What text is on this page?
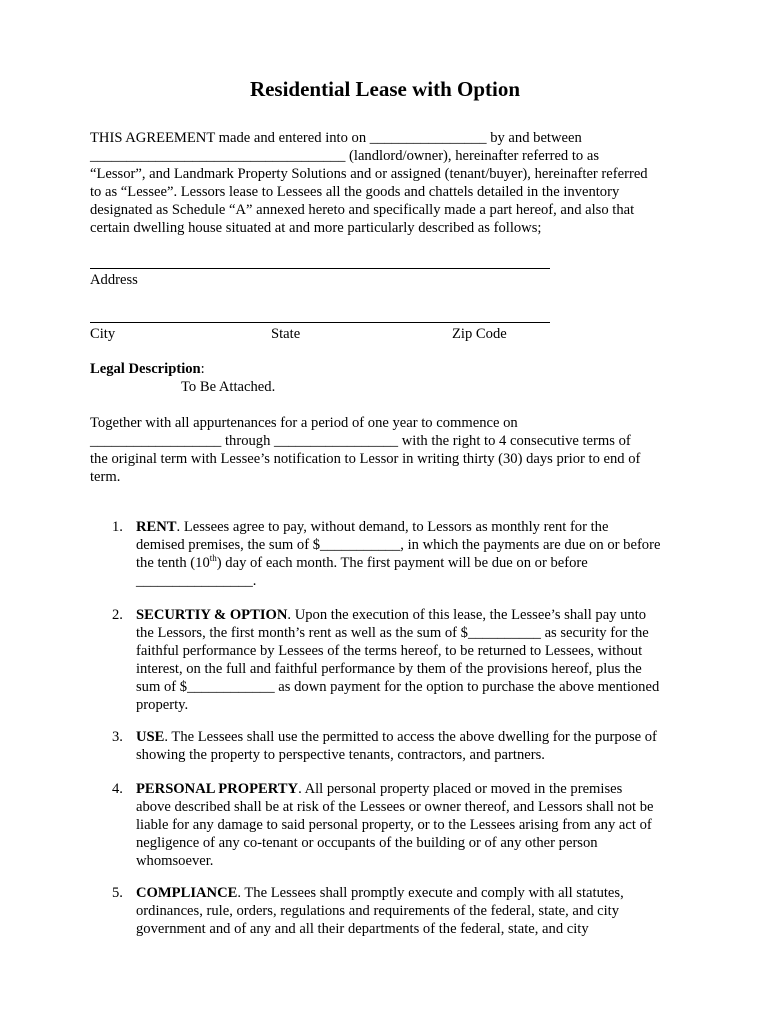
Residential Lease with Option

THIS AGREEMENT made and entered into on ________________ by and between

___________________________________ (landlord/owner), hereinafter referred to as

“Lessor”, and Landmark Property Solutions and or assigned (tenant/buyer), hereinafter referred

to as “Lessee”. Lessors lease to Lessees all the goods and chattels detailed in the inventory

designated as Schedule “A” annexed hereto and specifically made a part hereof, and also that

certain dwelling house situated at and more particularly described as follows;

Address
City	State	Zip Code

Legal Description:

To Be Attached.

Together with all appurtenances for a period of one year to commence on

__________________ through _________________ with the right to 4 consecutive terms of

the original term with Lessee’s notification to Lessor in writing thirty (30) days prior to end of

term.

1. RENT. Lessees agree to pay, without demand, to Lessors as monthly rent for the
demised premises, the sum of $___________, in which the payments are due on or before
the tenth (10th) day of each month. The first payment will be due on or before
________________.
2. SECURTIY & OPTION. Upon the execution of this lease, the Lessee’s shall pay unto
the Lessors, the first month’s rent as well as the sum of $__________ as security for the
faithful performance by Lessees of the terms hereof, to be returned to Lessees, without
interest, on the full and faithful performance by them of the provisions hereof, plus the
sum of $____________ as down payment for the option to purchase the above mentioned
property.
3. USE. The Lessees shall use the permitted to access the above dwelling for the purpose of
showing the property to perspective tenants, contractors, and partners.
4. PERSONAL PROPERTY. All personal property placed or moved in the premises
above described shall be at risk of the Lessees or owner thereof, and Lessors shall not be
liable for any damage to said personal property, or to the Lessees arising from any act of
negligence of any co-tenant or occupants of the building or of any other person
whomsoever.
5. COMPLIANCE. The Lessees shall promptly execute and comply with all statutes,
ordinances, rule, orders, regulations and requirements of the federal, state, and city
government and of any and all their departments of the federal, state, and city
